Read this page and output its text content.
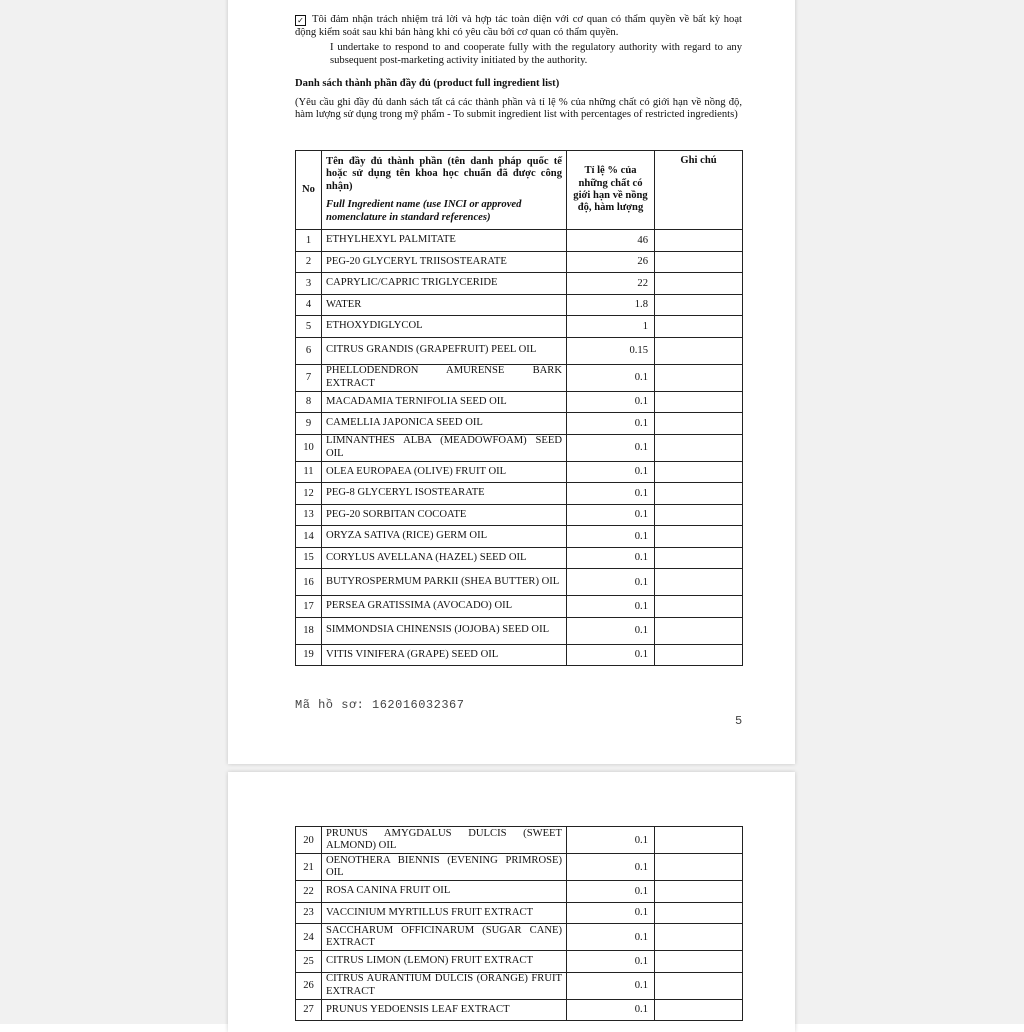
✓ Tôi đảm nhận trách nhiệm trả lời và hợp tác toàn diện với cơ quan có thẩm quyền về bất kỳ hoạt động kiểm soát sau khi bán hàng khi có yêu cầu bởi cơ quan có thẩm quyền.

I undertake to respond to and cooperate fully with the regulatory authority with regard to any subsequent post-marketing activity initiated by the authority.

Danh sách thành phần đầy đủ (product full ingredient list)

(Yêu cầu ghi đầy đủ danh sách tất cả các thành phần và tỉ lệ % của những chất có giới hạn về nồng độ, hàm lượng sử dụng trong mỹ phẩm - To submit ingredient list with percentages of restricted ingredients)

No	Tên đầy đủ thành phần (tên danh pháp quốc tế hoặc sử dụng tên khoa học chuẩn đã được công nhận)
Full Ingredient name (use INCI or approved nomenclature in standard references)	Tỉ lệ % của những chất có giới hạn về nồng độ, hàm lượng	Ghi chú
1	ETHYLHEXYL PALMITATE	46	
2	PEG-20 GLYCERYL TRIISOSTEARATE	26	
3	CAPRYLIC/CAPRIC TRIGLYCERIDE	22	
4	WATER	1.8	
5	ETHOXYDIGLYCOL	1	
6	CITRUS GRANDIS (GRAPEFRUIT) PEEL OIL	0.15	
7	PHELLODENDRON AMURENSE BARK EXTRACT	0.1	
8	MACADAMIA TERNIFOLIA SEED OIL	0.1	
9	CAMELLIA JAPONICA SEED OIL	0.1	
10	LIMNANTHES ALBA (MEADOWFOAM) SEED OIL	0.1	
11	OLEA EUROPAEA (OLIVE) FRUIT OIL	0.1	
12	PEG-8 GLYCERYL ISOSTEARATE	0.1	
13	PEG-20 SORBITAN COCOATE	0.1	
14	ORYZA SATIVA (RICE) GERM OIL	0.1	
15	CORYLUS AVELLANA (HAZEL) SEED OIL	0.1	
16	BUTYROSPERMUM PARKII (SHEA BUTTER) OIL	0.1	
17	PERSEA GRATISSIMA (AVOCADO) OIL	0.1	
18	SIMMONDSIA CHINENSIS (JOJOBA) SEED OIL	0.1	
19	VITIS VINIFERA (GRAPE) SEED OIL	0.1	
Mã hồ sơ: 162016032367
5
20	PRUNUS AMYGDALUS DULCIS (SWEET ALMOND) OIL	0.1	
21	OENOTHERA BIENNIS (EVENING PRIMROSE) OIL	0.1	
22	ROSA CANINA FRUIT OIL	0.1	
23	VACCINIUM MYRTILLUS FRUIT EXTRACT	0.1	
24	SACCHARUM OFFICINARUM (SUGAR CANE) EXTRACT	0.1	
25	CITRUS LIMON (LEMON) FRUIT EXTRACT	0.1	
26	CITRUS AURANTIUM DULCIS (ORANGE) FRUIT EXTRACT	0.1	
27	PRUNUS YEDOENSIS LEAF EXTRACT	0.1	
